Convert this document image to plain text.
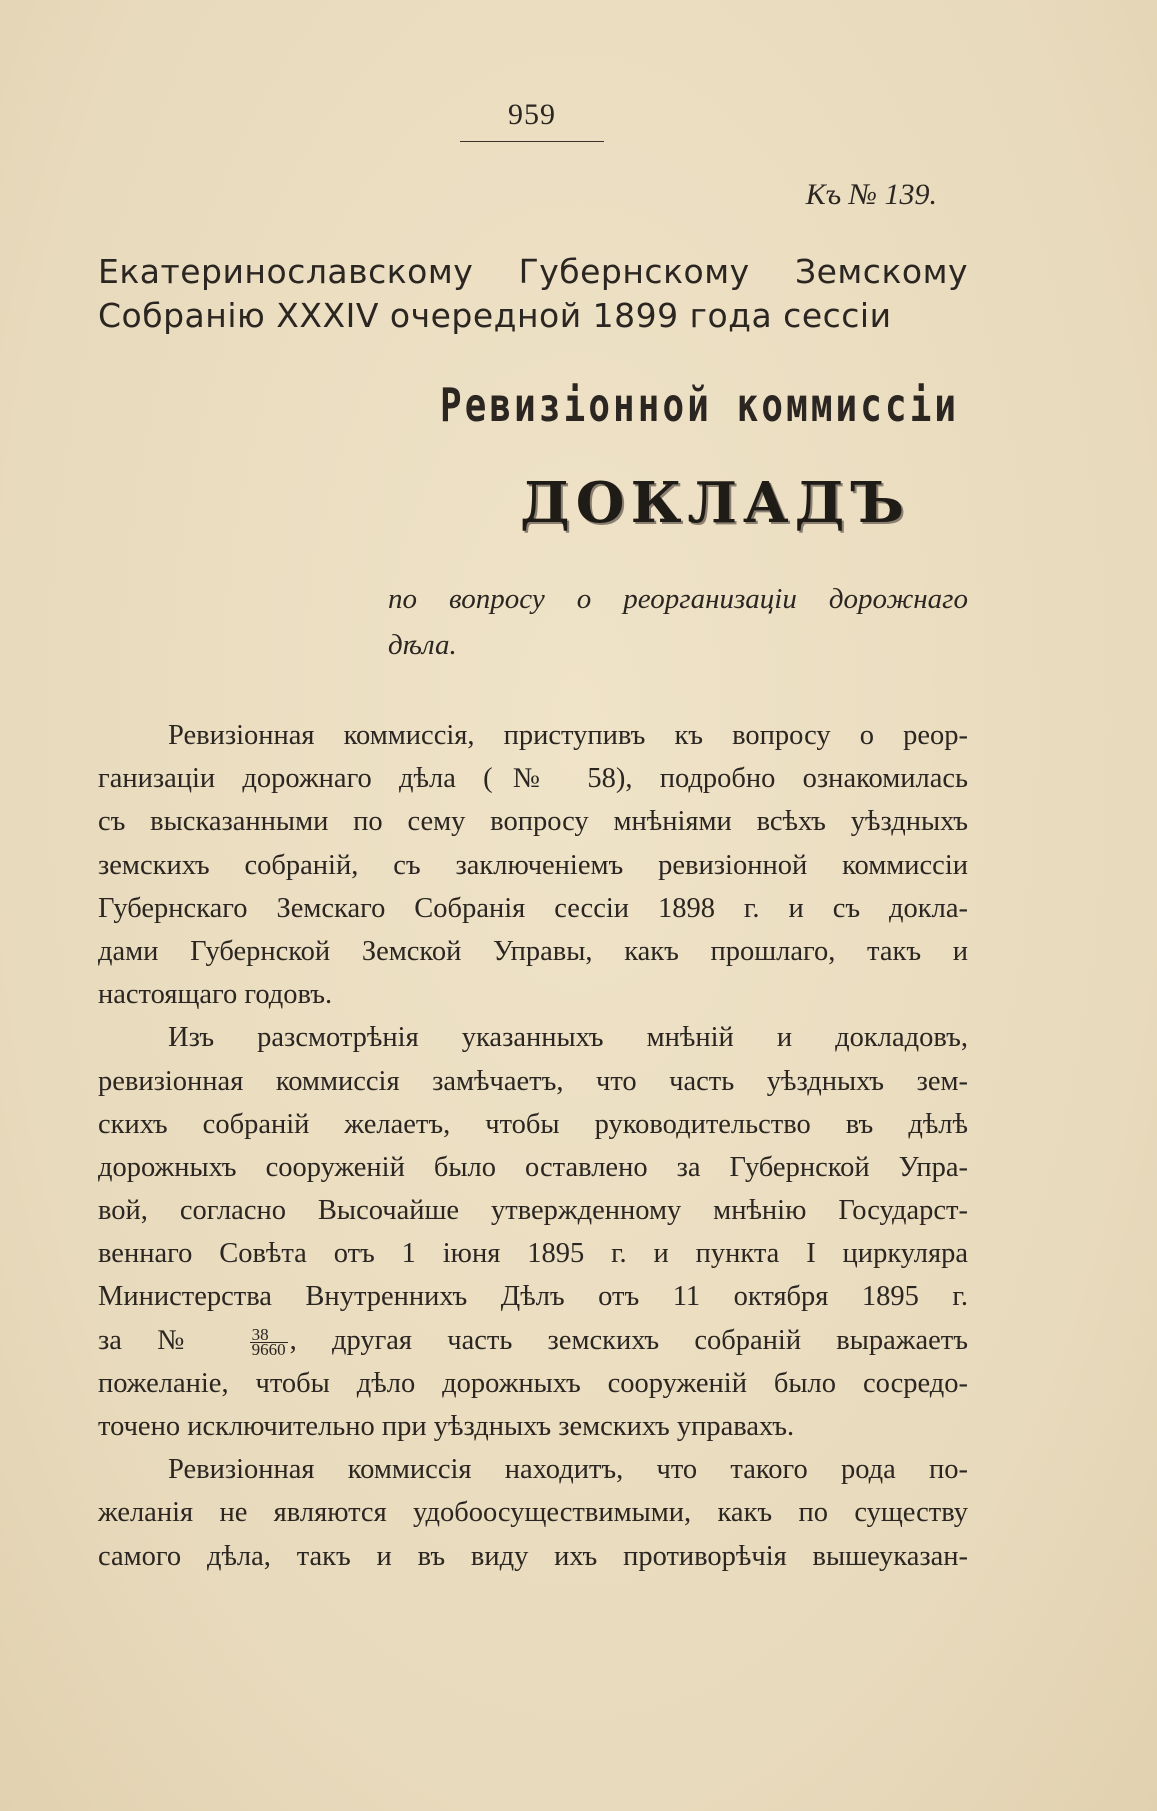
959
Къ № 139.
Екатеринославскому Губернскому Земскому
Собранію XXXIV очередной 1899 года сессіи
Ревизіонной коммиссіи
ДОКЛАДЪ
по вопросу о реорганизаціи дорожнаго дѣла.
Ревизіонная коммиссія, приступивъ къ вопросу о реор-
ганизаціи дорожнаго дѣла (№ 58), подробно ознакомилась
съ высказанными по сему вопросу мнѣніями всѣхъ уѣздныхъ
земскихъ собраній, съ заключеніемъ ревизіонной коммиссіи
Губернскаго Земскаго Собранія сессіи 1898 г. и съ докла-
дами Губернской Земской Управы, какъ прошлаго, такъ и
настоящаго годовъ.
Изъ разсмотрѣнія указанныхъ мнѣній и докладовъ,
ревизіонная коммиссія замѣчаетъ, что часть уѣздныхъ зем-
скихъ собраній желаетъ, чтобы руководительство въ дѣлѣ
дорожныхъ сооруженій было оставлено за Губернской Упра-
вой, согласно Высочайше утвержденному мнѣнію Государст-
веннаго Совѣта отъ 1 іюня 1895 г. и пункта I циркуляра
Министерства Внутреннихъ Дѣлъ отъ 11 октября 1895 г.
за № $\frac{38}{9660}$ , другая часть земскихъ собраній выражаетъ
пожеланіе, чтобы дѣло дорожныхъ сооруженій было сосредо-
точено исключительно при уѣздныхъ земскихъ управахъ.
Ревизіонная коммиссія находитъ, что такого рода по-
желанія не являются удобоосуществимыми, какъ по существу
самого дѣла, такъ и въ виду ихъ противорѣчія вышеуказан-
